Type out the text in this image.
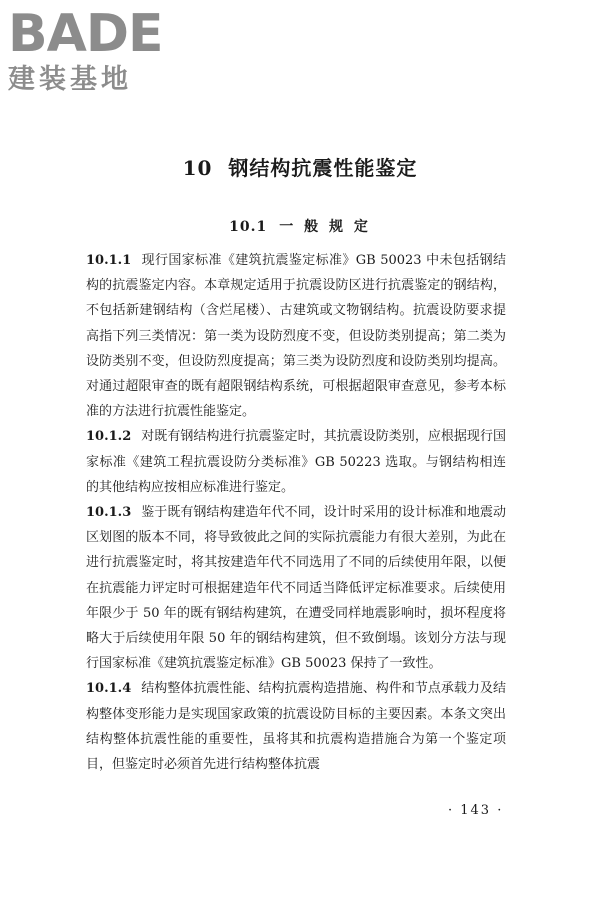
BADE
建装基地
10 钢结构抗震性能鉴定
10.1 一 般 规 定

10.1.1 现行国家标准《建筑抗震鉴定标准》GB 50023 中未包括钢结构的抗震鉴定内容。本章规定适用于抗震设防区进行抗震鉴定的钢结构，不包括新建钢结构（含烂尾楼）、古建筑或文物钢结构。抗震设防要求提高指下列三类情况：第一类为设防烈度不变，但设防类别提高；第二类为设防类别不变，但设防烈度提高；第三类为设防烈度和设防类别均提高。对通过超限审查的既有超限钢结构系统，可根据超限审查意见，参考本标准的方法进行抗震性能鉴定。

10.1.2 对既有钢结构进行抗震鉴定时，其抗震设防类别，应根据现行国家标准《建筑工程抗震设防分类标准》GB 50223 选取。与钢结构相连的其他结构应按相应标准进行鉴定。

10.1.3 鉴于既有钢结构建造年代不同，设计时采用的设计标准和地震动区划图的版本不同，将导致彼此之间的实际抗震能力有很大差别，为此在进行抗震鉴定时，将其按建造年代不同选用了不同的后续使用年限，以便在抗震能力评定时可根据建造年代不同适当降低评定标准要求。后续使用年限少于 50 年的既有钢结构建筑，在遭受同样地震影响时，损坏程度将略大于后续使用年限 50 年的钢结构建筑，但不致倒塌。该划分方法与现行国家标准《建筑抗震鉴定标准》GB 50023 保持了一致性。

10.1.4 结构整体抗震性能、结构抗震构造措施、构件和节点承载力及结构整体变形能力是实现国家政策的抗震设防目标的主要因素。本条文突出结构整体抗震性能的重要性，虽将其和抗震构造措施合为第一个鉴定项目，但鉴定时必须首先进行结构整体抗震

· 143 ·
